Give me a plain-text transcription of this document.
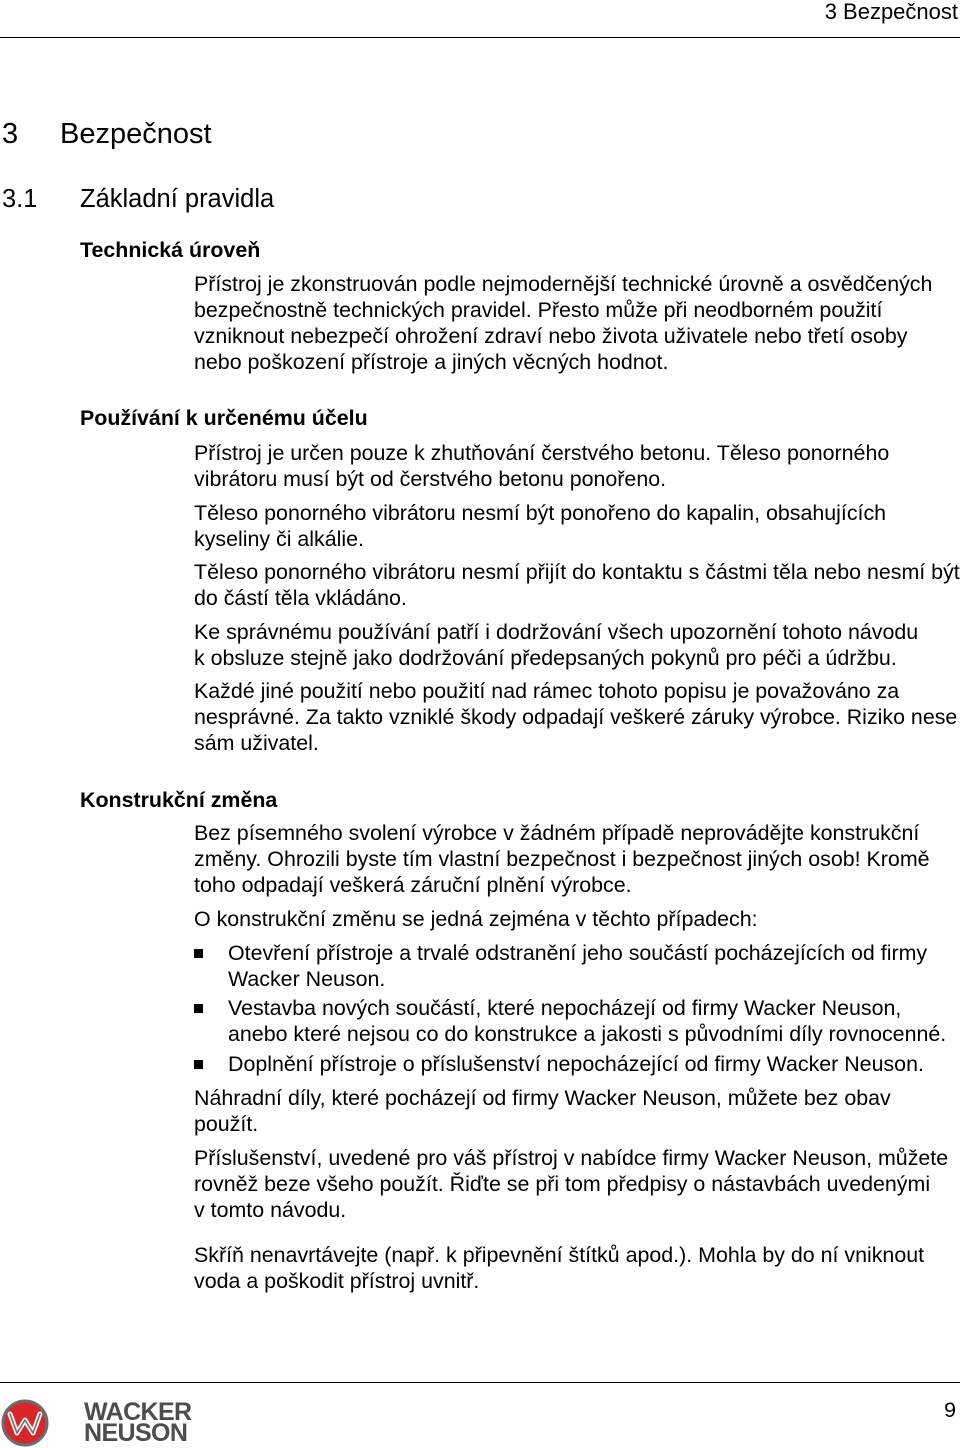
3 Bezpečnost
3 Bezpečnost
3.1 Základní pravidla
Technická úroveň
Přístroj je zkonstruován podle nejmodernější technické úrovně a osvědčených
bezpečnostně technických pravidel. Přesto může při neodborném použití
vzniknout nebezpečí ohrožení zdraví nebo života uživatele nebo třetí osoby
nebo poškození přístroje a jiných věcných hodnot.
Používání k určenému účelu
Přístroj je určen pouze k zhutňování čerstvého betonu. Těleso ponorného
vibrátoru musí být od čerstvého betonu ponořeno.
Těleso ponorného vibrátoru nesmí být ponořeno do kapalin, obsahujících
kyseliny či alkálie.
Těleso ponorného vibrátoru nesmí přijít do kontaktu s částmi těla nebo nesmí být
do částí těla vkládáno.
Ke správnému používání patří i dodržování všech upozornění tohoto návodu
k obsluze stejně jako dodržování předepsaných pokynů pro péči a údržbu.
Každé jiné použití nebo použití nad rámec tohoto popisu je považováno za
nesprávné. Za takto vzniklé škody odpadají veškeré záruky výrobce. Riziko nese
sám uživatel.
Konstrukční změna
Bez písemného svolení výrobce v žádném případě neprovádějte konstrukční
změny. Ohrozili byste tím vlastní bezpečnost i bezpečnost jiných osob! Kromě
toho odpadají veškerá záruční plnění výrobce.
O konstrukční změnu se jedná zejména v těchto případech:
Otevření přístroje a trvalé odstranění jeho součástí pocházejících od firmy
Wacker Neuson.
Vestavba nových součástí, které nepocházejí od firmy Wacker Neuson,
anebo které nejsou co do konstrukce a jakosti s původními díly rovnocenné.
Doplnění přístroje o příslušenství nepocházející od firmy Wacker Neuson.
Náhradní díly, které pocházejí od firmy Wacker Neuson, můžete bez obav
použít.
Příslušenství, uvedené pro váš přístroj v nabídce firmy Wacker Neuson, můžete
rovněž beze všeho použít. Řiďte se při tom předpisy o nástavbách uvedenými
v tomto návodu.
Skříň nenavrtávejte (např. k připevnění štítků apod.). Mohla by do ní vniknout
voda a poškodit přístroj uvnitř.
WACKER
NEUSON
9
